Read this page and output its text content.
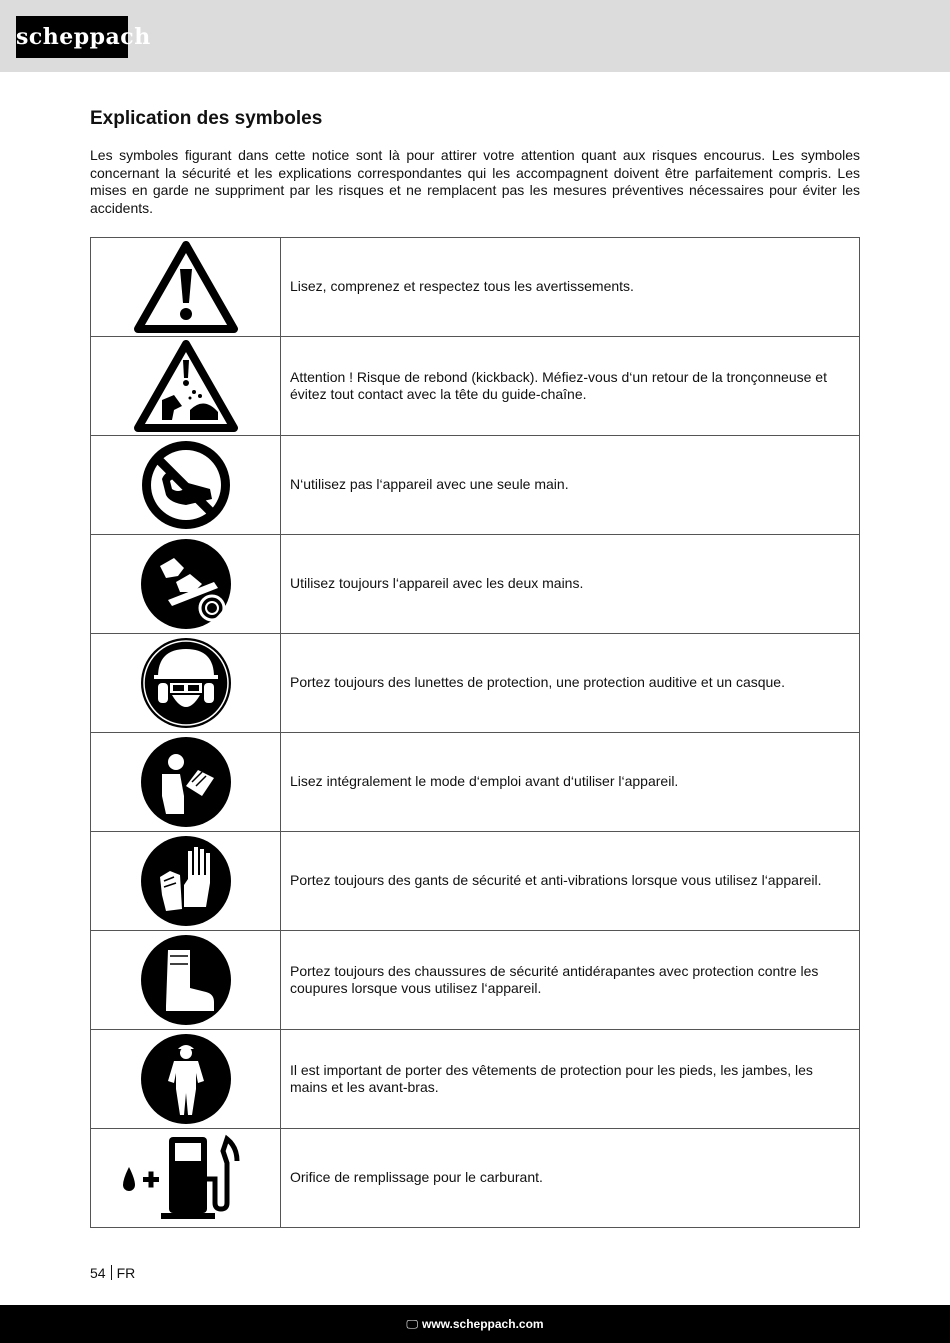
scheppach
Explication des symboles

Les symboles figurant dans cette notice sont là pour attirer votre attention quant aux risques encourus. Les symboles concernant la sécurité et les explications correspondantes qui les accompagnent doivent être parfaitement compris. Les mises en garde ne suppriment par les risques et ne remplacent pas les mesures préventives nécessaires pour éviter les accidents.

	Lisez, comprenez et respectez tous les avertissements.

	Attention ! Risque de rebond (kickback). Méfiez-vous d‘un retour de la tronçonneuse et évitez tout contact avec la tête du guide-chaîne.

	N‘utilisez pas l‘appareil avec une seule main.

	Utilisez toujours l‘appareil avec les deux mains.

	Portez toujours des lunettes de protection, une protection auditive et un casque.

	Lisez intégralement le mode d‘emploi avant d‘utiliser l‘appareil.

	Portez toujours des gants de sécurité et anti-vibrations lorsque vous utilisez l‘appareil.

	Portez toujours des chaussures de sécurité antidérapantes avec protection contre les coupures lorsque vous utilisez l‘appareil.

	Il est important de porter des vêtements de protection pour les pieds, les jambes, les mains et les avant-bras.

	Orifice de remplissage pour le carburant.
54 FR
🖵 www.scheppach.com
